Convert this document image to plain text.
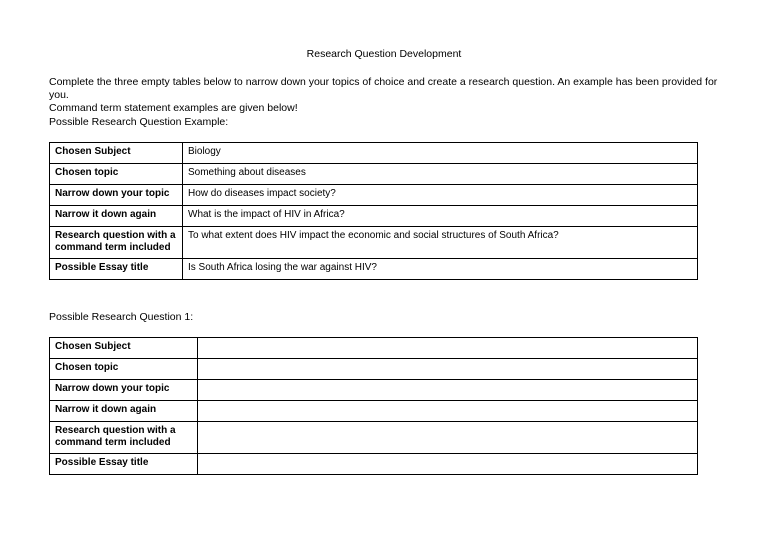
Research Question Development
Complete the three empty tables below to narrow down your topics of choice and create a research question. An example has been provided for you.
Command term statement examples are given below!
Possible Research Question Example:
Chosen Subject	Biology
Chosen topic	Something about diseases
Narrow down your topic	How do diseases impact society?
Narrow it down again	What is the impact of HIV in Africa?
Research question with a command term included	To what extent does HIV impact the economic and social structures of South Africa?
Possible Essay title	Is South Africa losing the war against HIV?
Possible Research Question 1:
Chosen Subject	
Chosen topic	
Narrow down your topic	
Narrow it down again	
Research question with a command term included	
Possible Essay title	
